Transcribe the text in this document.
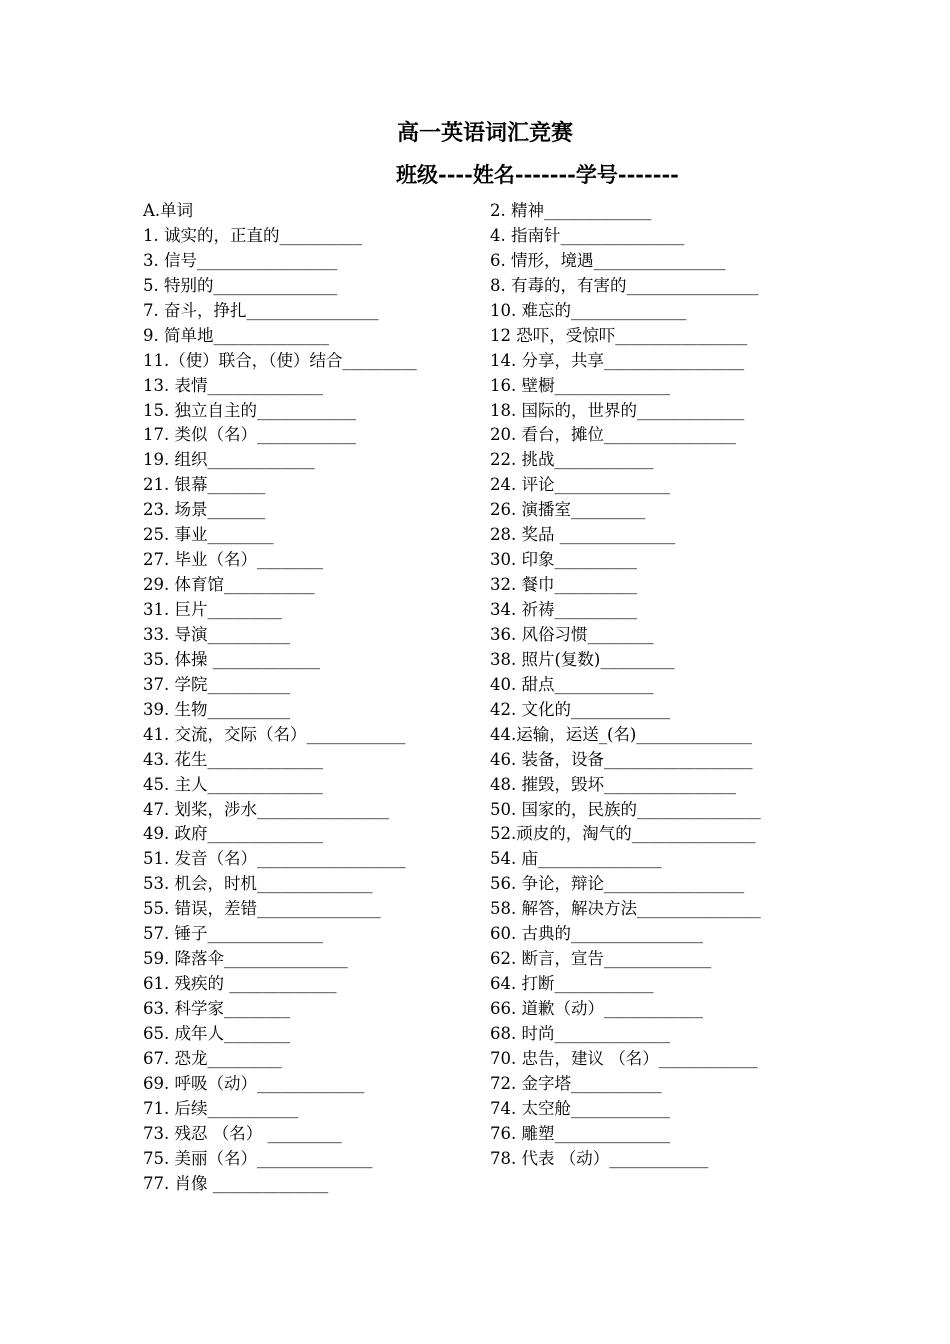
高一英语词汇竞赛
班级----姓名-------学号-------
A.单词
1. 诚实的，正直的__________
3. 信号_________________
5. 特别的_______________
7. 奋斗，挣扎________________
9. 简单地______________
11.（使）联合，（使）结合_________
13. 表情______________
15. 独立自主的____________
17. 类似（名）____________
19. 组织_____________
21. 银幕_______
23. 场景_______
25. 事业________
27. 毕业（名）________
29. 体育馆___________
31. 巨片_________
33. 导演__________
35. 体操 _____________
37. 学院__________
39. 生物__________
41. 交流，交际（名）____________
43. 花生______________
45. 主人______________
47. 划桨，涉水________________
49. 政府______________
51. 发音（名）__________________
53. 机会，时机______________
55. 错误，差错_______________
57. 锤子______________
59. 降落伞_______________
61. 残疾的 _____________
63. 科学家________
65. 成年人________
67. 恐龙_________
69. 呼吸（动）_____________
71. 后续___________
73. 残忍 （名） _________
75. 美丽（名）______________
77. 肖像 ______________
2. 精神_____________
4. 指南针_______________
6. 情形，境遇________________
8. 有毒的，有害的________________
10. 难忘的______________
12 恐吓，受惊吓________________
14. 分享，共享_________________
16. 壁橱______________
18. 国际的，世界的_____________
20. 看台，摊位________________
22. 挑战____________
24. 评论______________
26. 演播室_________
28. 奖品 ______________
30. 印象__________
32. 餐巾__________
34. 祈祷__________
36. 风俗习惯________
38. 照片(复数)_________
40. 甜点____________
42. 文化的____________
44.运输，运送_(名)______________
46. 装备，设备__________________
48. 摧毁，毁坏________________
50. 国家的，民族的_______________
52.顽皮的，淘气的_______________
54. 庙_______________
56. 争论，辩论_________________
58. 解答，解决方法_______________
60. 古典的________________
62. 断言，宣告_____________
64. 打断____________
66. 道歉（动）____________
68. 时尚______________
70. 忠告，建议 （名）____________
72. 金字塔___________
74. 太空舱____________
76. 雕塑______________
78. 代表 （动）____________
